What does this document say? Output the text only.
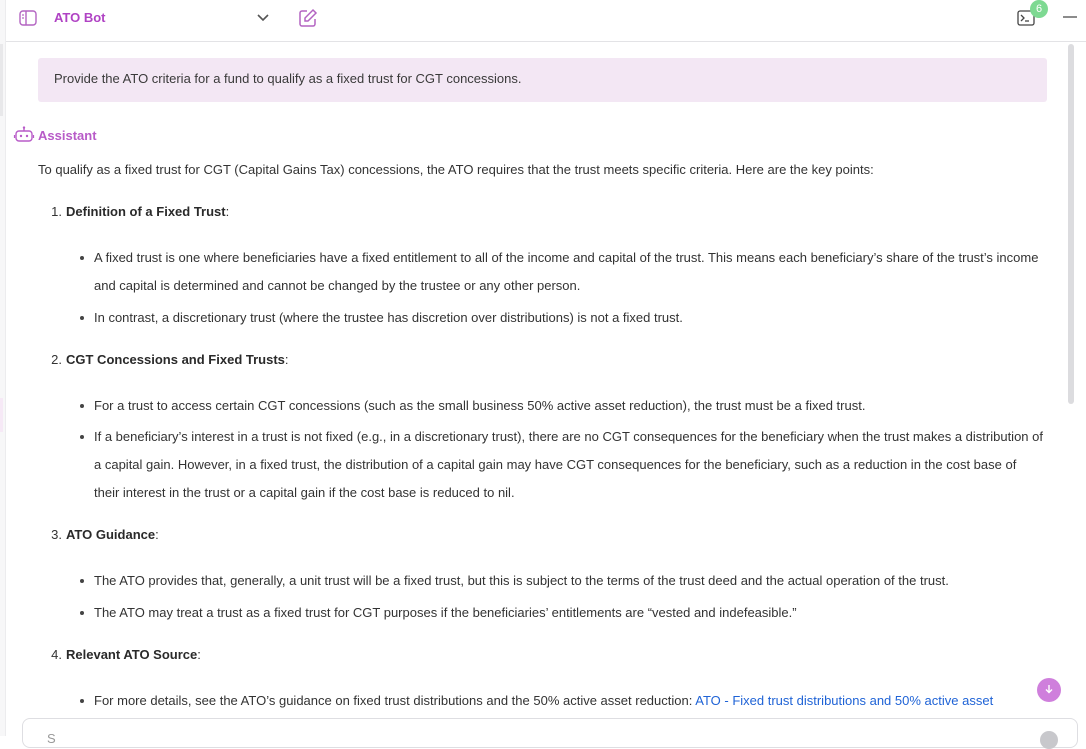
ATO Bot
6
Provide the ATO criteria for a fund to qualify as a fixed trust for CGT concessions.
Assistant

To qualify as a fixed trust for CGT (Capital Gains Tax) concessions, the ATO requires that the trust meets specific criteria. Here are the key points:

1. Definition of a Fixed Trust:
A fixed trust is one where beneficiaries have a fixed entitlement to all of the income and capital of the trust. This means each beneficiary’s share of the trust’s income and capital is determined and cannot be changed by the trustee or any other person.
In contrast, a discretionary trust (where the trustee has discretion over distributions) is not a fixed trust.
2. CGT Concessions and Fixed Trusts:
For a trust to access certain CGT concessions (such as the small business 50% active asset reduction), the trust must be a fixed trust.
If a beneficiary’s interest in a trust is not fixed (e.g., in a discretionary trust), there are no CGT consequences for the beneficiary when the trust makes a distribution of a capital gain. However, in a fixed trust, the distribution of a capital gain may have CGT consequences for the beneficiary, such as a reduction in the cost base of their interest in the trust or a capital gain if the cost base is reduced to nil.
3. ATO Guidance:
The ATO provides that, generally, a unit trust will be a fixed trust, but this is subject to the terms of the trust deed and the actual operation of the trust.
The ATO may treat a trust as a fixed trust for CGT purposes if the beneficiaries’ entitlements are “vested and indefeasible.”
4. Relevant ATO Source:
For more details, see the ATO’s guidance on fixed trust distributions and the 50% active asset reduction: ATO - Fixed trust distributions and 50% active asset
S
